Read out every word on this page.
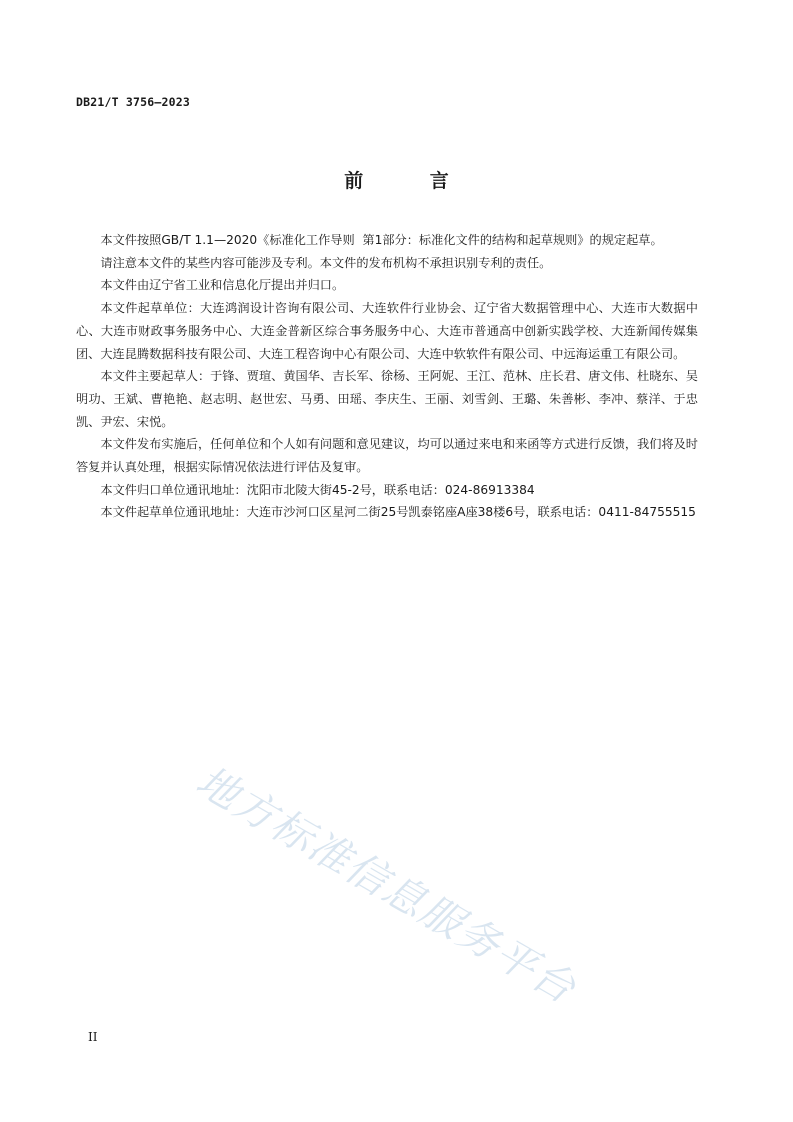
DB21/T 3756—2023
前 言

本文件按照GB/T 1.1—2020《标准化工作导则  第1部分：标准化文件的结构和起草规则》的规定起草。

请注意本文件的某些内容可能涉及专利。本文件的发布机构不承担识别专利的责任。

本文件由辽宁省工业和信息化厅提出并归口。

本文件起草单位：大连鸿润设计咨询有限公司、大连软件行业协会、辽宁省大数据管理中心、大连市大数据中心、大连市财政事务服务中心、大连金普新区综合事务服务中心、大连市普通高中创新实践学校、大连新闻传媒集团、大连昆腾数据科技有限公司、大连工程咨询中心有限公司、大连中软软件有限公司、中远海运重工有限公司。

本文件主要起草人：于锋、贾瑄、黄国华、吉长军、徐杨、王阿妮、王江、范林、庄长君、唐文伟、杜晓东、吴明功、王斌、曹艳艳、赵志明、赵世宏、马勇、田瑶、李庆生、王丽、刘雪剑、王璐、朱善彬、李冲、蔡洋、于忠凯、尹宏、宋悦。

本文件发布实施后，任何单位和个人如有问题和意见建议，均可以通过来电和来函等方式进行反馈，我们将及时答复并认真处理，根据实际情况依法进行评估及复审。

本文件归口单位通讯地址：沈阳市北陵大街45-2号，联系电话：024-86913384

本文件起草单位通讯地址：大连市沙河口区星河二街25号凯泰铭座A座38楼6号，联系电话：0411-84755515

地方标准信息服务平台
II
